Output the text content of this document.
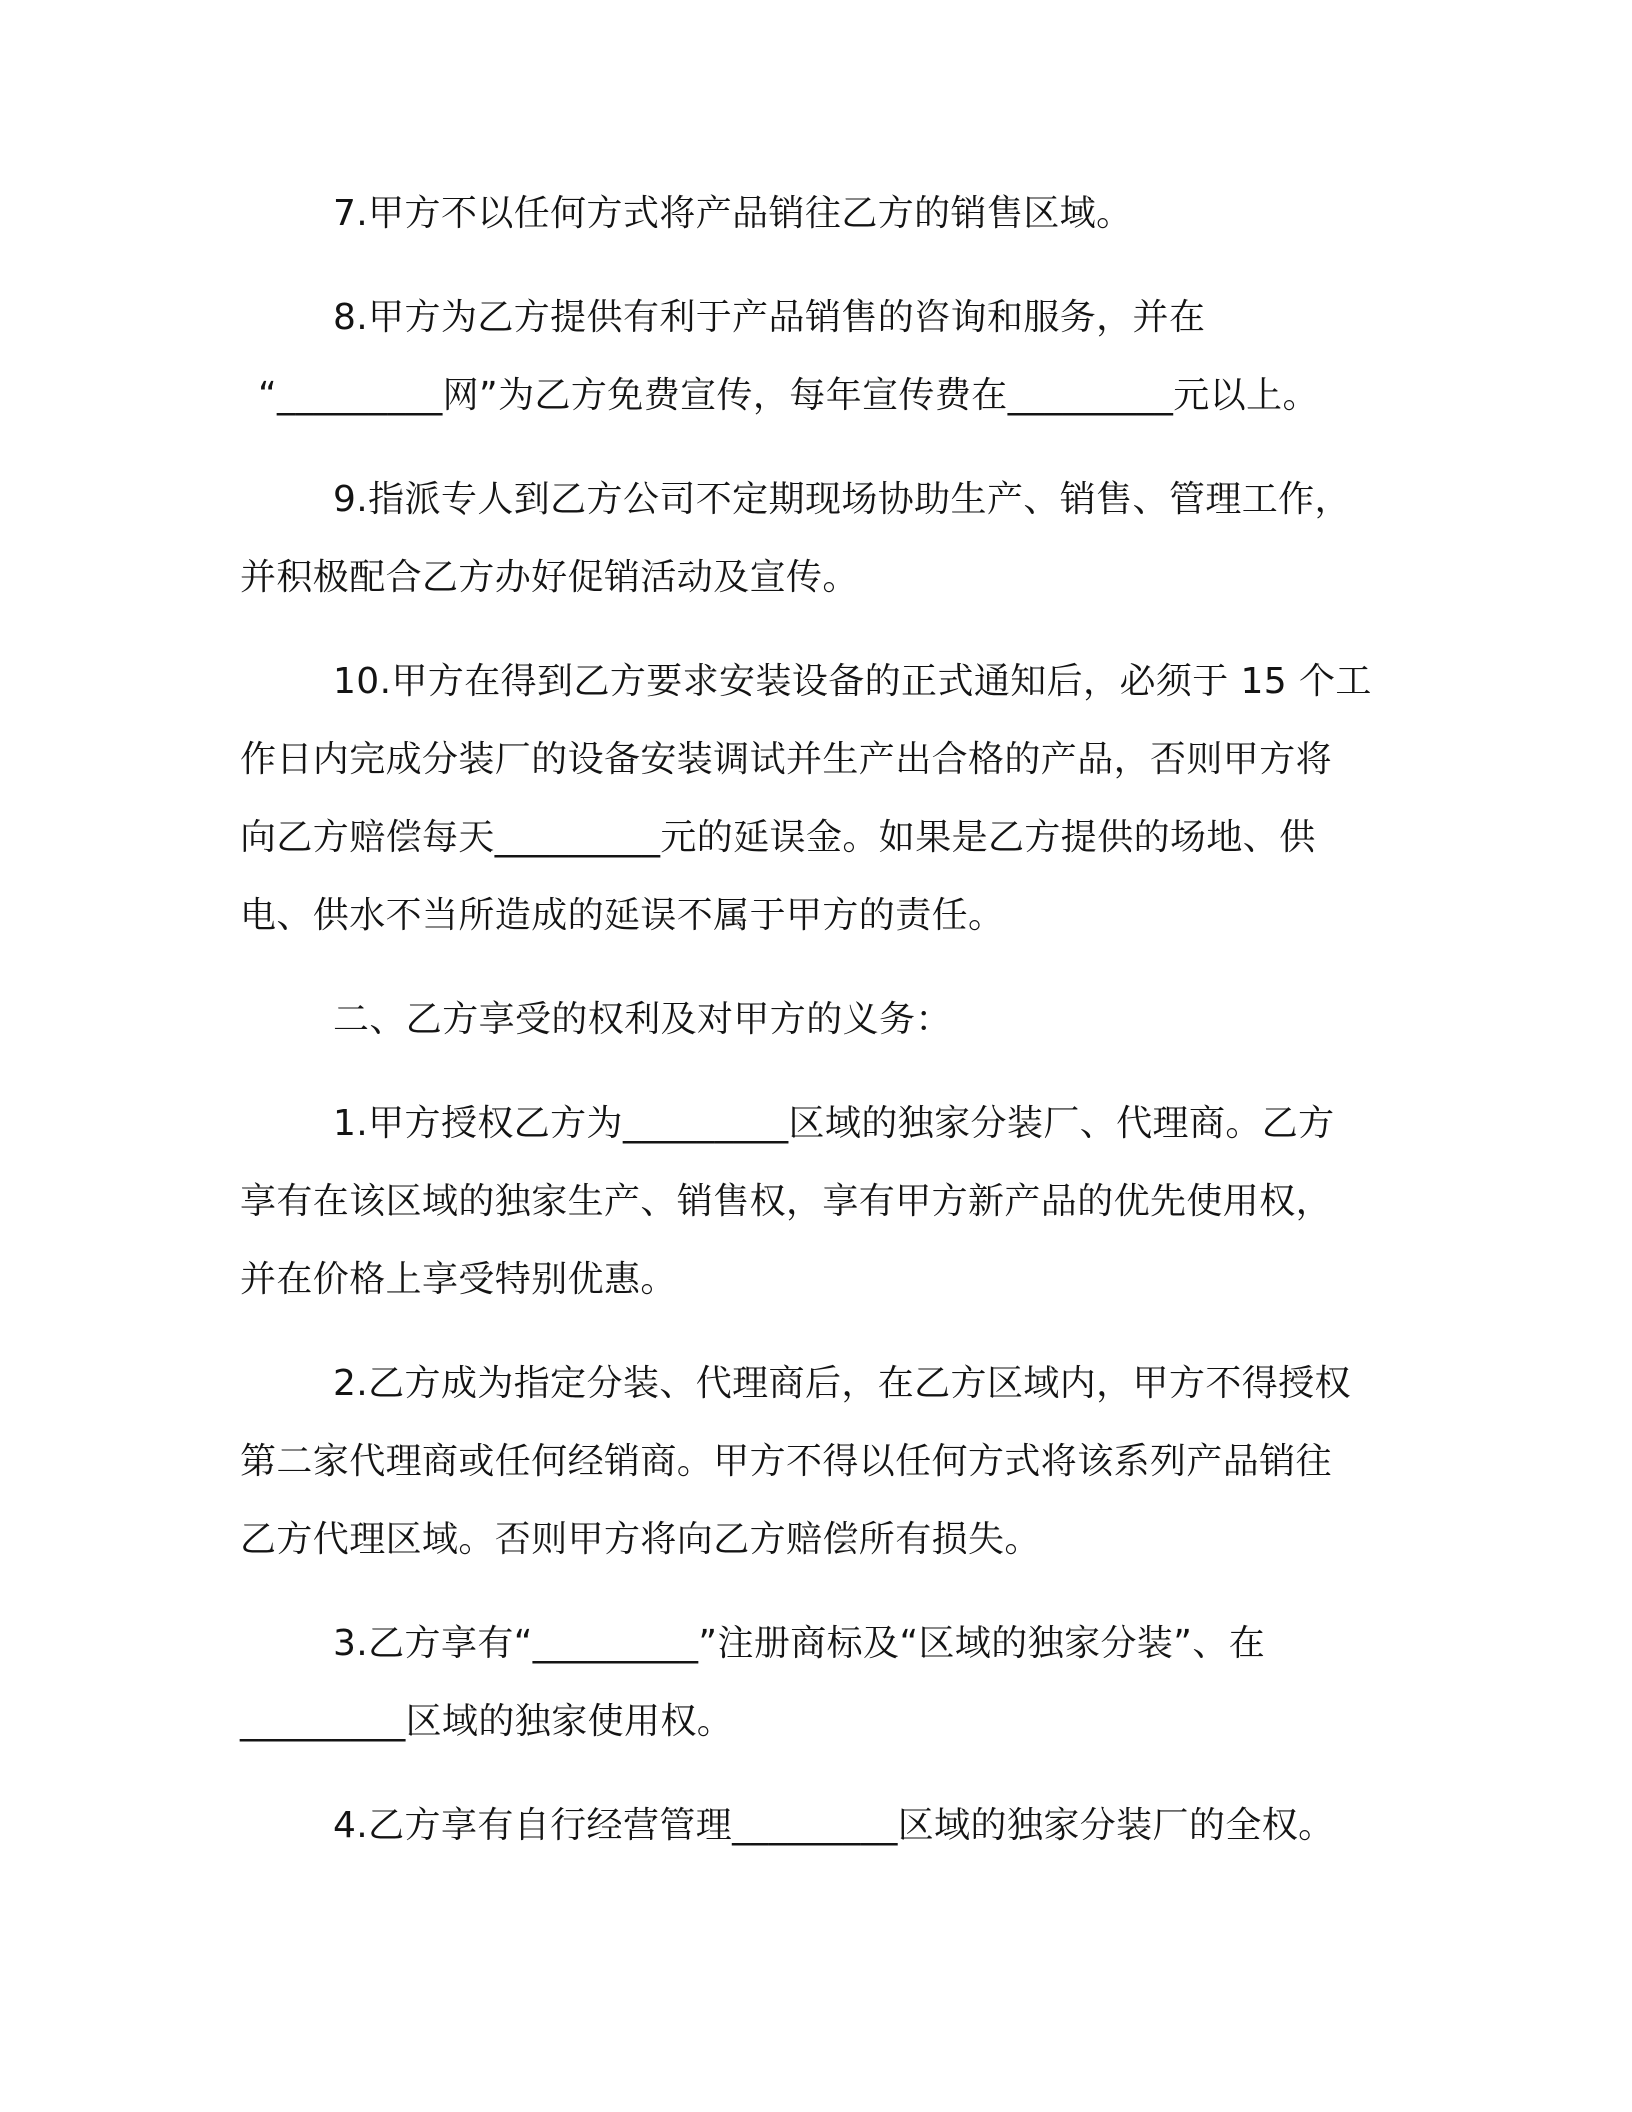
7.甲方不以任何方式将产品销往乙方的销售区域。
8.甲方为乙方提供有利于产品销售的咨询和服务，并在
“_________网”为乙方免费宣传，每年宣传费在_________元以上。
9.指派专人到乙方公司不定期现场协助生产、销售、管理工作，
并积极配合乙方办好促销活动及宣传。
10.甲方在得到乙方要求安装设备的正式通知后，必须于 15 个工
作日内完成分装厂的设备安装调试并生产出合格的产品，否则甲方将
向乙方赔偿每天_________元的延误金。如果是乙方提供的场地、供
电、供水不当所造成的延误不属于甲方的责任。
二、乙方享受的权利及对甲方的义务：
1.甲方授权乙方为_________区域的独家分装厂、代理商。乙方
享有在该区域的独家生产、销售权，享有甲方新产品的优先使用权，
并在价格上享受特别优惠。
2.乙方成为指定分装、代理商后，在乙方区域内，甲方不得授权
第二家代理商或任何经销商。甲方不得以任何方式将该系列产品销往
乙方代理区域。否则甲方将向乙方赔偿所有损失。
3.乙方享有“_________”注册商标及“区域的独家分装”、在
_________区域的独家使用权。
4.乙方享有自行经营管理_________区域的独家分装厂的全权。
